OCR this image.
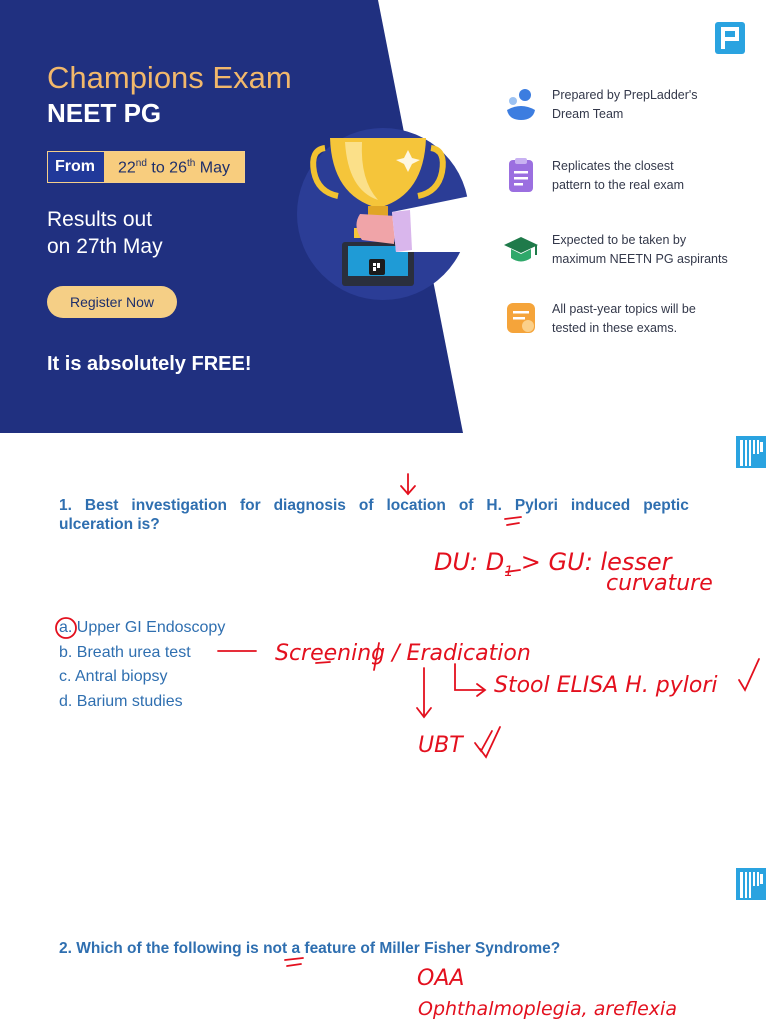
Champions Exam
NEET PG
From	22nd to 26th May
Results out
on 27th May
Register Now
It is absolutely FREE!
Prepared by PrepLadder's
Dream Team
Replicates the closest
pattern to the real exam
Expected to be taken by
maximum NEETN PG aspirants
All past-year topics will be
tested in these exams.
1. Best investigation for diagnosis of location of H. Pylori induced peptic
ulceration is?
a. Upper GI Endoscopy
b. Breath urea test
c. Antral biopsy
d. Barium studies
2. Which of the following is not a feature of Miller Fisher Syndrome?
DU: $D_1$ > GU: lesser
curvature
Screening / Eradication
Stool ELISA H. pylori
UBT
OAA
Ophthalmoplegia, areflexia
